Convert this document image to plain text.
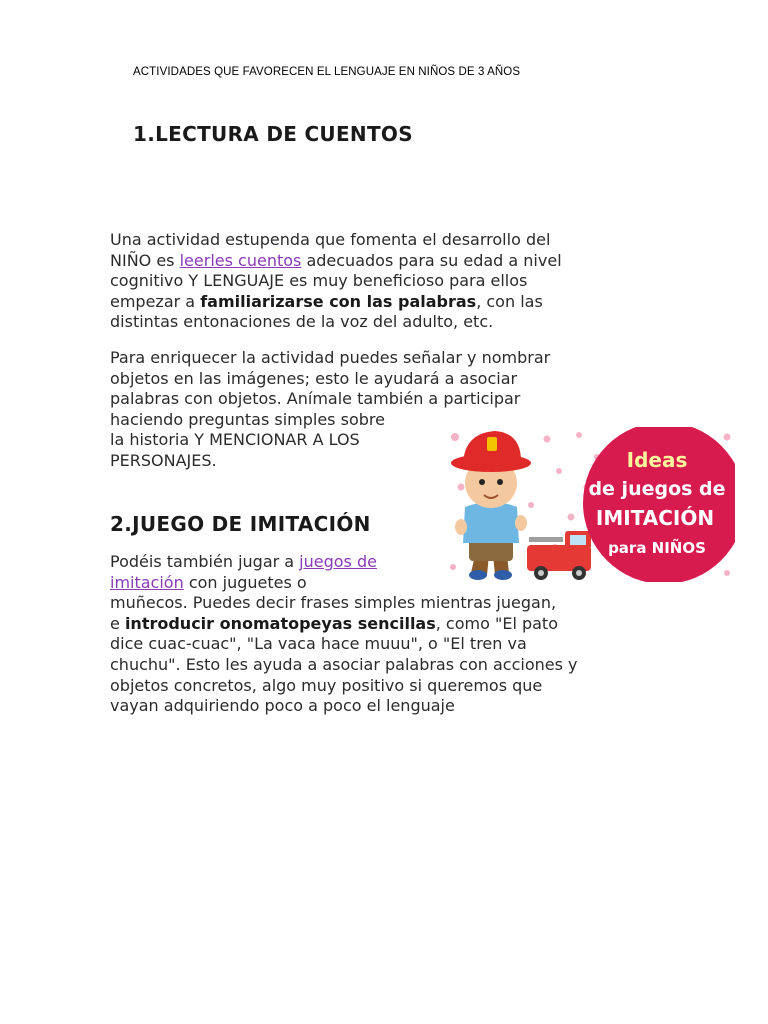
ACTIVIDADES QUE FAVORECEN EL LENGUAJE EN NIÑOS DE 3 AÑOS
1.LECTURA DE CUENTOS
Una actividad estupenda que fomenta el desarrollo del
NIÑO es leerles cuentos adecuados para su edad a nivel
cognitivo Y LENGUAJE es muy beneficioso para ellos
empezar a familiarizarse con las palabras, con las
distintas entonaciones de la voz del adulto, etc.
Para enriquecer la actividad puedes señalar y nombrar
objetos en las imágenes; esto le ayudará a asociar
palabras con objetos. Anímale también a participar
haciendo preguntas simples sobre
la historia Y MENCIONAR A LOS
PERSONAJES.	Ideas
de juegos de
IMITACIÓN
para NIÑOS
2.JUEGO DE IMITACIÓN
Podéis también jugar a juegos de
imitación con juguetes o
muñecos. Puedes decir frases simples mientras juegan,
e introducir onomatopeyas sencillas, como "El pato
dice cuac-cuac", "La vaca hace muuu", o "El tren va
chuchu". Esto les ayuda a asociar palabras con acciones y
objetos concretos, algo muy positivo si queremos que
vayan adquiriendo poco a poco el lenguaje
